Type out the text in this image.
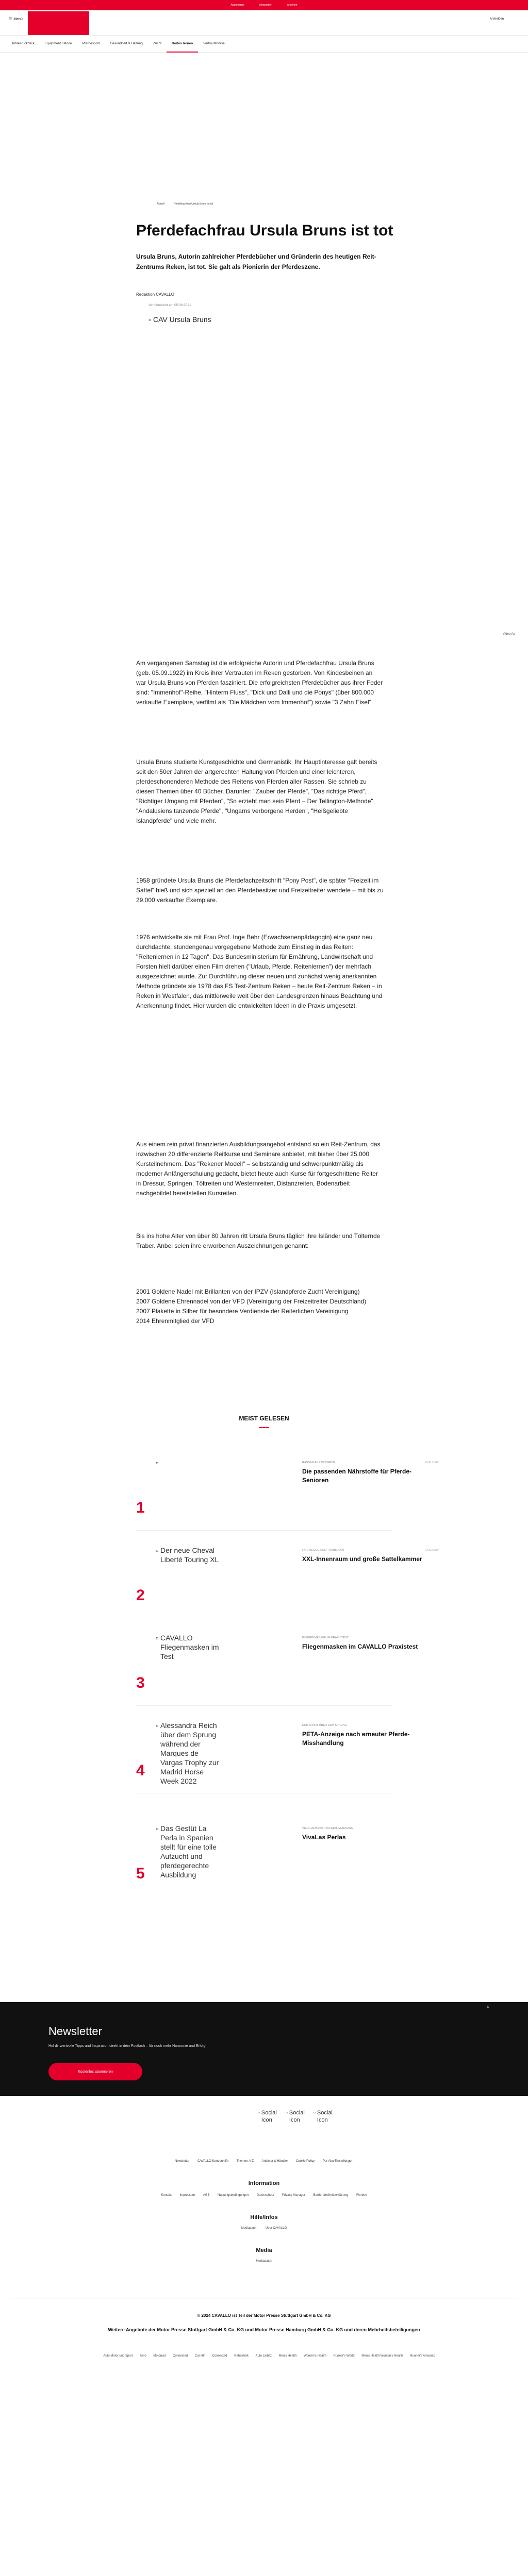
Abonnieren	Newsletter	Ansehen
☰ Menü	Anmelden
Jahresrückblick	Equipment / Mode	Pferdesport	Gesundheit & Haltung	Zucht	Reiten lernen	Verkaufsbörse
Aktuell	Pferdefachfrau Ursula Bruns ist tot
Pferdefachfrau Ursula Bruns ist tot

Ursula Bruns, Autorin zahlreicher Pferdebücher und Gründerin des heutigen Reit-Zentrums Reken, ist tot. Sie galt als Pionierin der Pferdeszene.

Redaktion CAVALLO
Veröffentlicht am 05.08.2021
▫ CAV Ursula Bruns
Video Ad

Am vergangenen Samstag ist die erfolgreiche Autorin und Pferdefachfrau Ursula Bruns (geb. 05.09.1922) im Kreis ihrer Vertrauten im Reken gestorben. Von Kindesbeinen an war Ursula Bruns von Pferden fasziniert. Die erfolgreichsten Pferdebücher aus ihrer Feder sind: "Immenhof"-Reihe, "Hinterm Fluss", "Dick und Dalli und die Ponys" (über 800.000 verkaufte Exemplare, verfilmt als "Die Mädchen vom Immenhof") sowie "3 Zahn Eisel".

Ursula Bruns studierte Kunstgeschichte und Germanistik. Ihr Hauptinteresse galt bereits seit den 50er Jahren der artgerechten Haltung von Pferden und einer leichteren, pferdeschonenderen Methode des Reitens von Pferden aller Rassen. Sie schrieb zu diesen Themen über 40 Bücher. Darunter: "Zauber der Pferde", "Das richtige Pferd", "Richtiger Umgang mit Pferden", "So erzieht man sein Pferd – Der Tellington-Methode", "Andalusiens tanzende Pferde", "Ungarns verborgene Herden", "Heißgeliebte Islandpferde" und viele mehr.

1958 gründete Ursula Bruns die Pferdefachzeitschrift "Pony Post", die später "Freizeit im Sattel" hieß und sich speziell an den Pferdebesitzer und Freizeitreiter wendete – mit bis zu 29.000 verkaufter Exemplare.

1976 entwickelte sie mit Frau Prof. Inge Behr (Erwachsenenpädagogin) eine ganz neu durchdachte, stundengenau vorgegebene Methode zum Einstieg in das Reiten: "Reitenlernen in 12 Tagen". Das Bundesministerium für Ernährung, Landwirtschaft und Forsten hielt darüber einen Film drehen ("Urlaub, Pferde, Reitenlernen") der mehrfach ausgezeichnet wurde. Zur Durchführung dieser neuen und zunächst wenig anerkannten Methode gründete sie 1978 das FS Test-Zentrum Reken – heute Reit-Zentrum Reken – in Reken in Westfalen, das mittlerweile weit über den Landesgrenzen hinaus Beachtung und Anerkennung findet. Hier wurden die entwickelten Ideen in die Praxis umgesetzt.

Aus einem rein privat finanzierten Ausbildungsangebot entstand so ein Reit-Zentrum, das inzwischen 20 differenzierte Reitkurse und Seminare anbietet, mit bisher über 25.000 Kursteilnehmern. Das "Rekener Modell" – selbstständig und schwerpunktmäßig als moderner Anfängerschulung gedacht, bietet heute auch Kurse für fortgeschrittene Reiter in Dressur, Springen, Töltreiten und Westernreiten, Distanzreiten, Bodenarbeit nachgebildet bereitstellen Kursreiten.

Bis ins hohe Alter von über 80 Jahren ritt Ursula Bruns täglich ihre Isländer und Tölternde Traber. Anbei seien ihre erworbenen Auszeichnungen genannt:

2001 Goldene Nadel mit Brillanten von der IPZV (Islandpferde Zucht Vereinigung)
2007 Goldene Ehrennadel von der VFD (Vereinigung der Freizeitreiter Deutschland)
2007 Plakette in Silber für besondere Verdienste der Reiterlichen Vereinigung
2014 Ehrenmitglied der VFD

MEIST GELESEN
1
▫	RASSEN AUF MODERNE	EXKLUSIV
Die passenden Nährstoffe für Pferde-Senioren
2
▫ Der neue Cheval Liberté Touring XL
FAHRZEUGE UND TRANSPORT	EXKLUSIV
XXL-Innenraum und große Sattelkammer
3
▫ CAVALLO Fliegenmasken im Test
FLIEGENMASKEN IM PRAXISTEST
Fliegenmasken im CAVALLO Praxistest
4
▫ Alessandra Reich über dem Sprung während der Marques de Vargas Trophy zur Madrid Horse Week 2022
REITSPORT ÜBER DEM SPRUNG
PETA-Anzeige nach erneuter Pferde-Misshandlung
5
▫ Das Gestüt La Perla in Spanien stellt für eine tolle Aufzucht und pferdegerechte Ausbildung
VIER HAUSABSTRACHEN IM AUSZUG
VivaLas Perlas
▫
Newsletter
Hol dir wertvolle Tipps und Inspiration direkt in dein Postfach – für noch mehr Harmonie und Erfolg!
Kostenlos abonnieren
▫ Social Icon
▫ Social Icon
▫ Social Icon
Newsletter	CAVALLO Kundenhilfe	Themen A-Z	Anbieter & Händler	Cookie Policy	Pur Abo Einstellungen
Information
Kontakt	Impressum	AGB	Nutzungsbedingungen	Datenschutz	Privacy Manager	Barrierefreiheitserklärung	Werben
Hilfe/Infos
Mediadaten	Über CAVALLO
Media
Mediadaten
© 2024 CAVALLO ist Teil der Motor Presse Stuttgart GmbH & Co. KG
Weitere Angebote der Motor Presse Stuttgart GmbH & Co. KG und Motor Presse Hamburg GmbH & Co. KG und deren Mehrheitsbeteiligungen
Auto Motor und Sport Aero Motorrad Connected Car Hifi Connected Rehaklinik Auto Laibitz Men's Health Women's Health Runner's World Men's Health Women's Health Runner's Almanac
